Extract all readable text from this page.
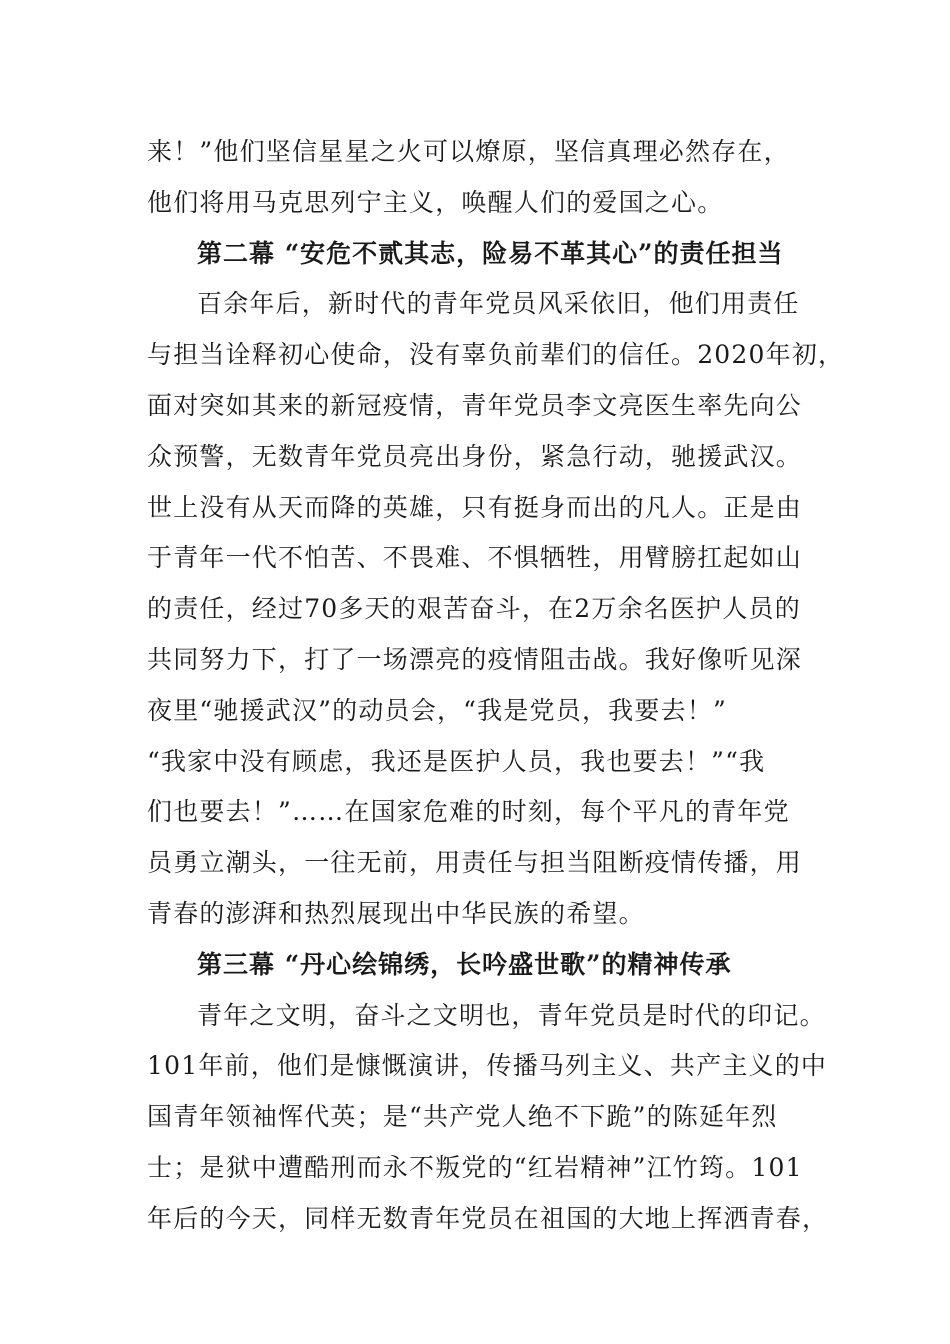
来！”他们坚信星星之火可以燎原，坚信真理必然存在，
他们将用马克思列宁主义，唤醒人们的爱国之心。
第二幕 “安危不贰其志，险易不革其心”的责任担当
百余年后，新时代的青年党员风采依旧，他们用责任
与担当诠释初心使命，没有辜负前辈们的信任。2020年初，
面对突如其来的新冠疫情，青年党员李文亮医生率先向公
众预警，无数青年党员亮出身份，紧急行动，驰援武汉。
世上没有从天而降的英雄，只有挺身而出的凡人。正是由
于青年一代不怕苦、不畏难、不惧牺牲，用臂膀扛起如山
的责任，经过70多天的艰苦奋斗，在2万余名医护人员的
共同努力下，打了一场漂亮的疫情阻击战。我好像听见深
夜里“驰援武汉”的动员会，“我是党员，我要去！”
“我家中没有顾虑，我还是医护人员，我也要去！”“我
们也要去！”……在国家危难的时刻，每个平凡的青年党
员勇立潮头，一往无前，用责任与担当阻断疫情传播，用
青春的澎湃和热烈展现出中华民族的希望。
第三幕 “丹心绘锦绣，长吟盛世歌”的精神传承
青年之文明，奋斗之文明也，青年党员是时代的印记。
101年前，他们是慷慨演讲，传播马列主义、共产主义的中
国青年领袖恽代英；是“共产党人绝不下跪”的陈延年烈
士；是狱中遭酷刑而永不叛党的“红岩精神”江竹筠。101
年后的今天，同样无数青年党员在祖国的大地上挥洒青春，
